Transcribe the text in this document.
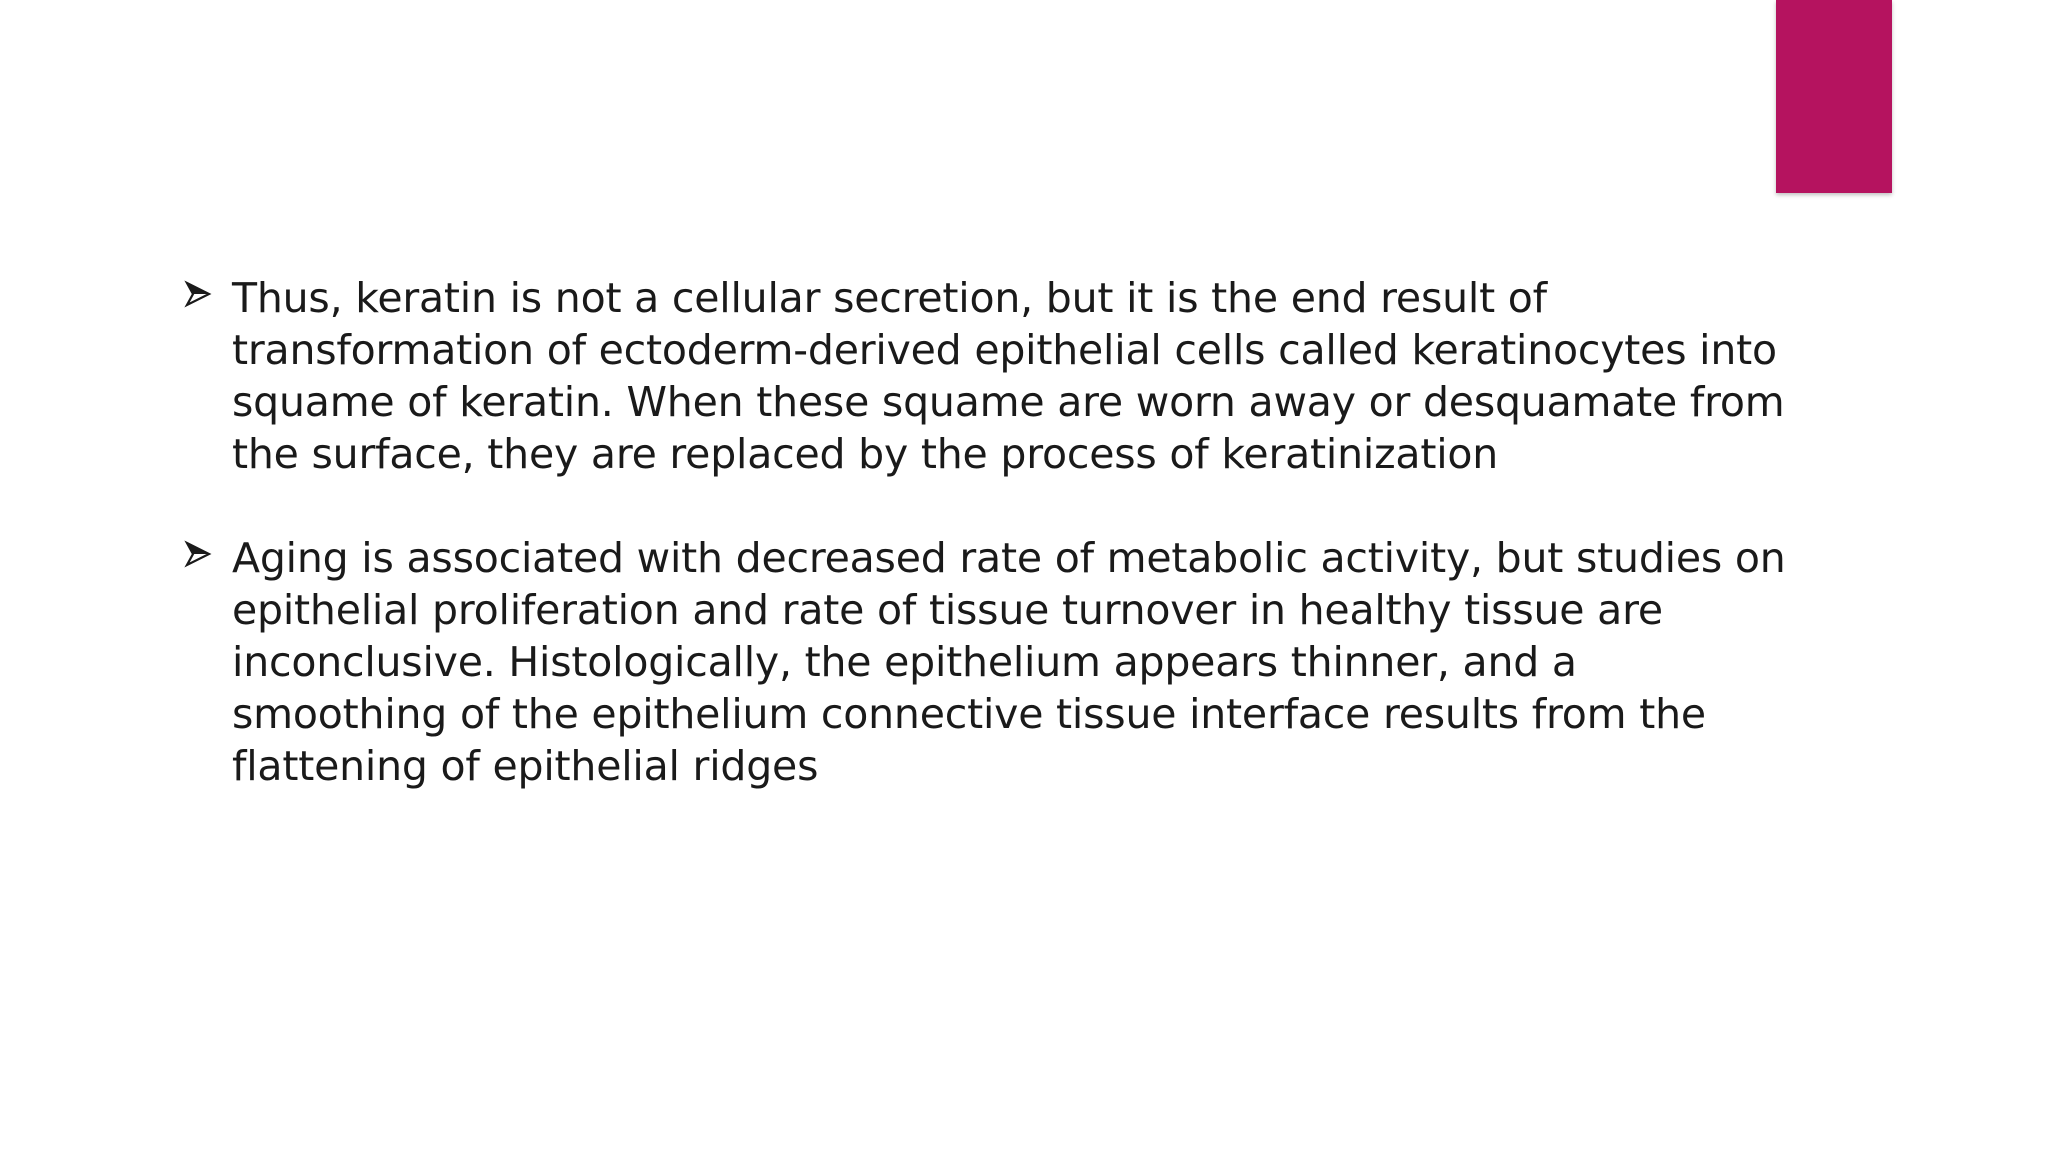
Thus, keratin is not a cellular secretion, but it is the end result of transformation of ectoderm-derived epithelial cells called keratinocytes into squame of keratin. When these squame are worn away or desquamate from the surface, they are replaced by the process of keratinization
Aging is associated with decreased rate of metabolic activity, but studies on epithelial proliferation and rate of tissue turnover in healthy tissue are inconclusive. Histologically, the epithelium appears thinner, and a smoothing of the epithelium connective tissue interface results from the flattening of epithelial ridges
